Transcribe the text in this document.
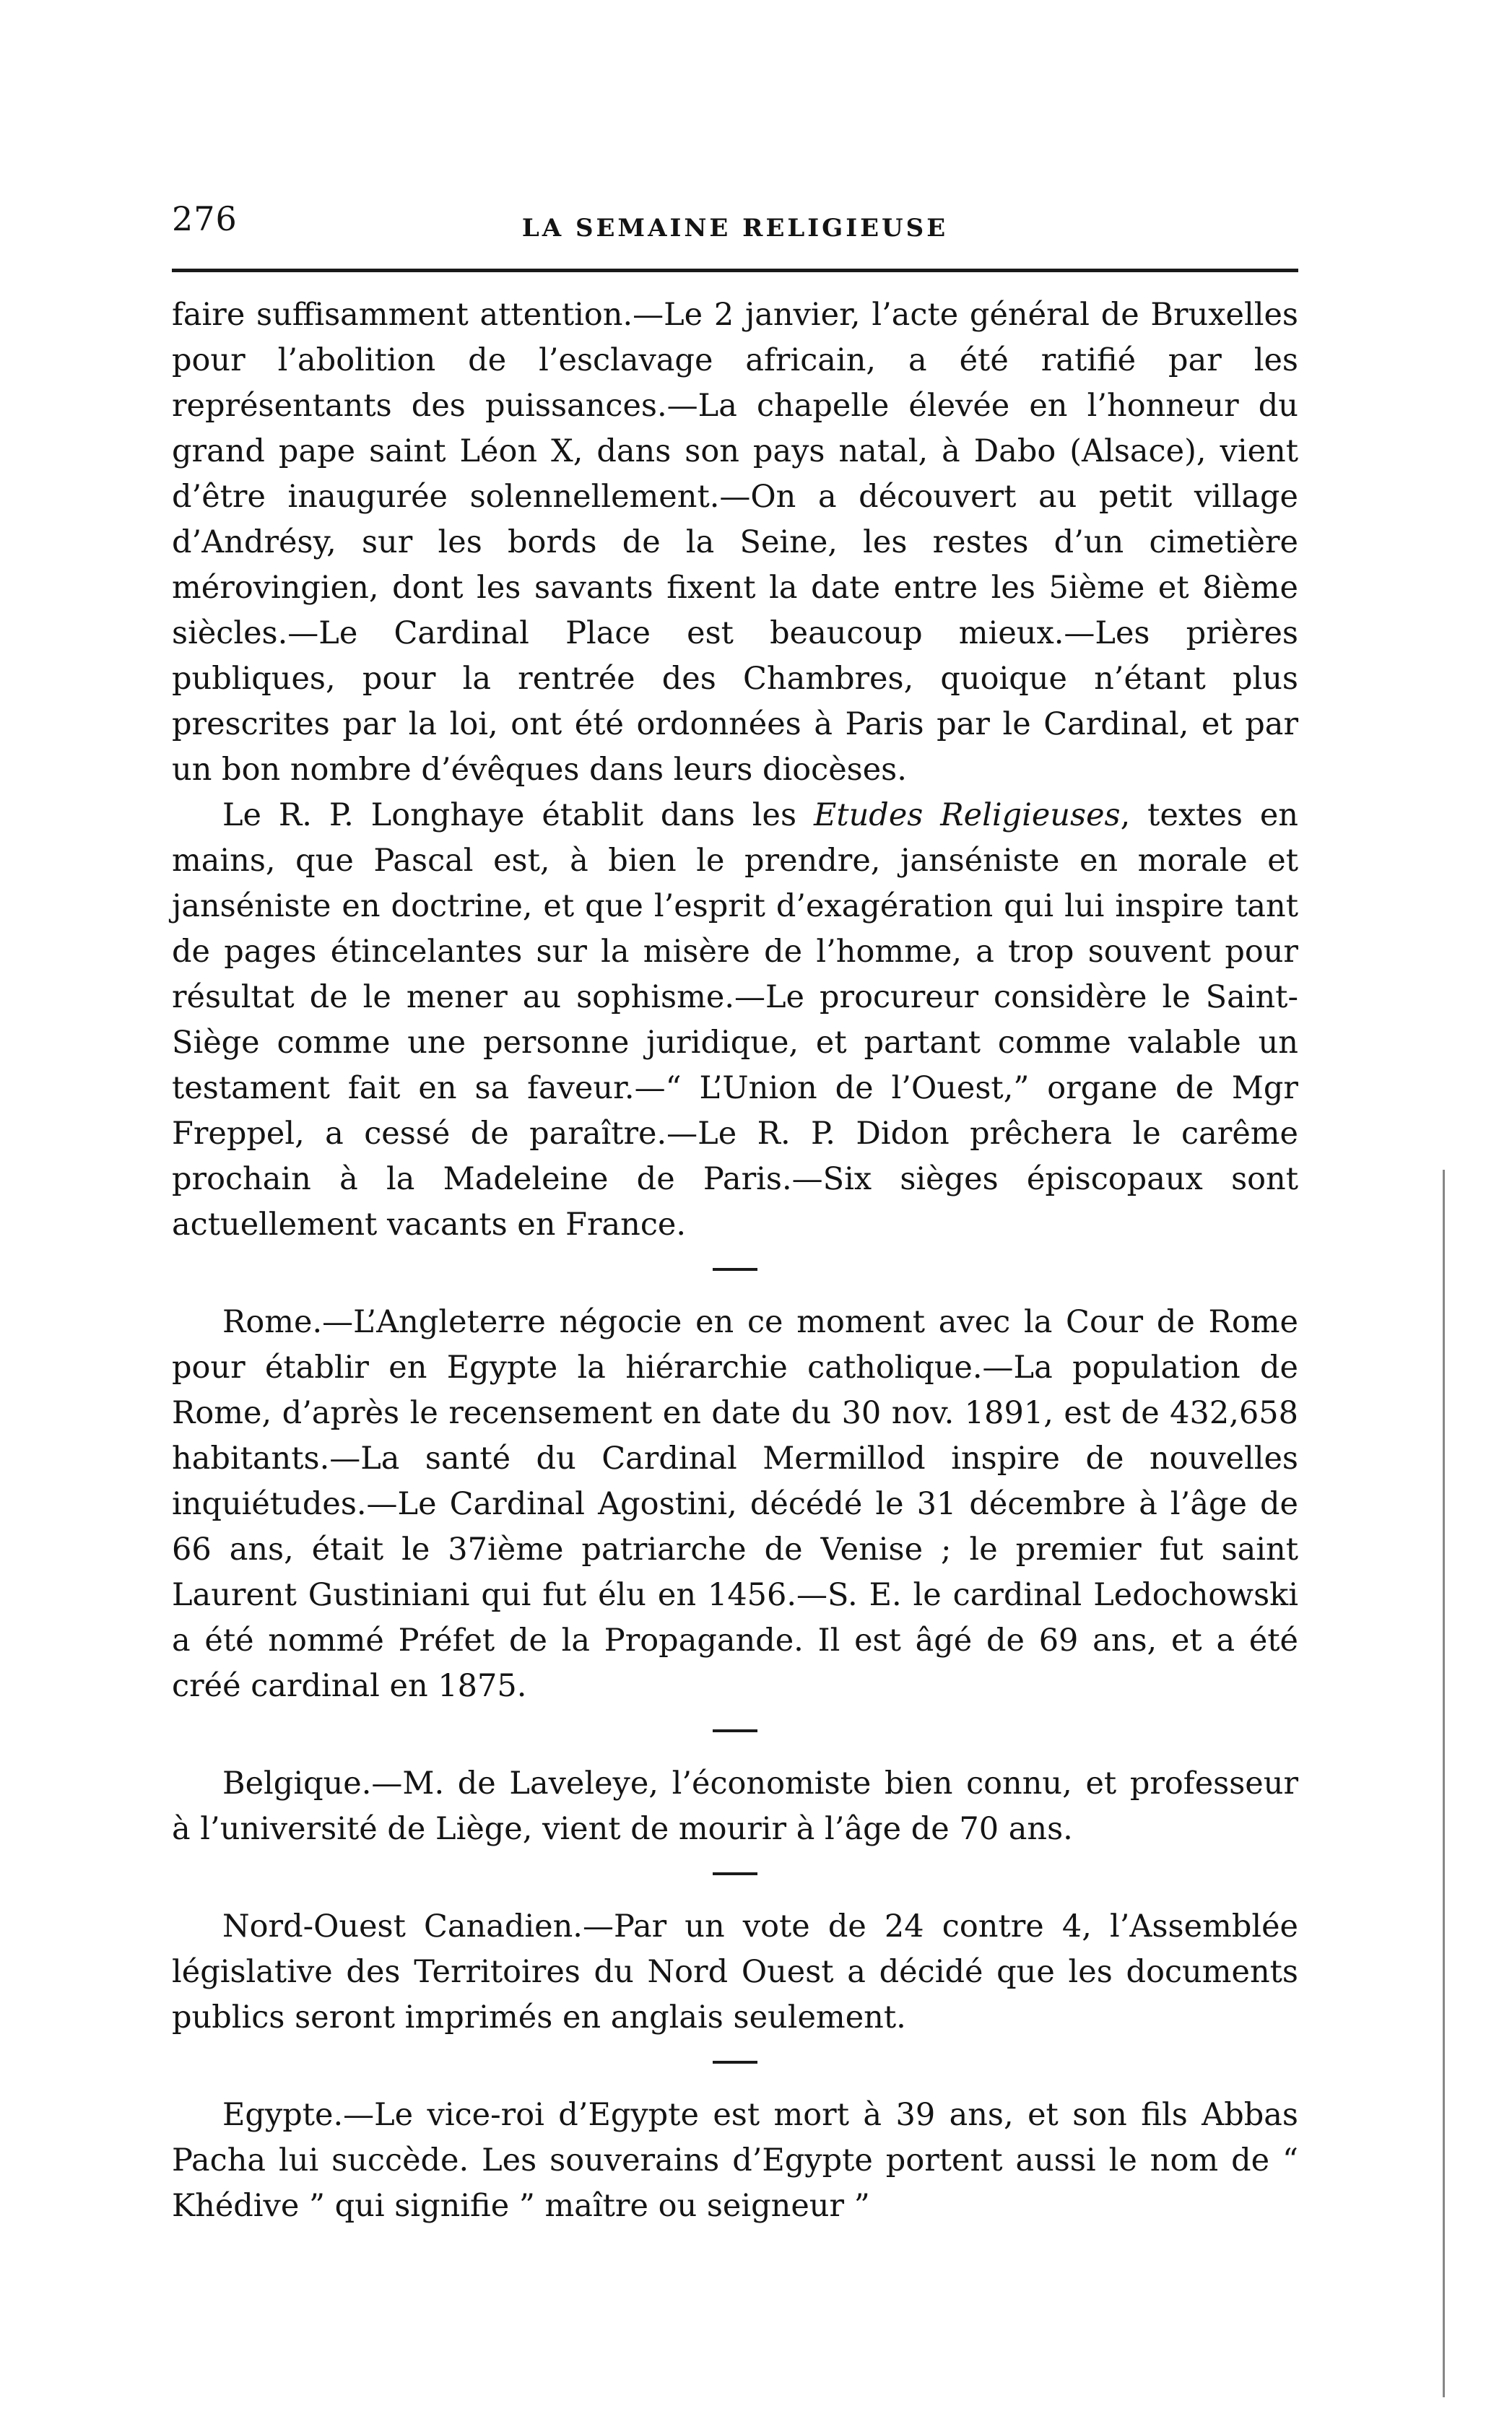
276	LA SEMAINE RELIGIEUSE

faire suffisamment attention.—Le 2 janvier, l’acte général de Bruxelles pour l’abolition de l’esclavage africain, a été ratifié par les représentants des puissances.—La chapelle élevée en l’honneur du grand pape saint Léon X, dans son pays natal, à Dabo (Alsace), vient d’être inaugurée solennellement.—On a découvert au petit village d’Andrésy, sur les bords de la Seine, les restes d’un cimetière mérovingien, dont les savants fixent la date entre les 5ième et 8ième siècles.—Le Cardinal Place est beaucoup mieux.—Les prières publiques, pour la rentrée des Chambres, quoique n’étant plus prescrites par la loi, ont été ordonnées à Paris par le Cardinal, et par un bon nombre d’évêques dans leurs diocèses.

Le R. P. Longhaye établit dans les Etudes Religieuses, textes en mains, que Pascal est, à bien le prendre, janséniste en morale et janséniste en doctrine, et que l’esprit d’exagération qui lui inspire tant de pages étincelantes sur la misère de l’homme, a trop souvent pour résultat de le mener au sophisme.—Le procureur considère le Saint-Siège comme une personne juridique, et partant comme valable un testament fait en sa faveur.—“ L’Union de l’Ouest,” organe de Mgr Freppel, a cessé de paraître.—Le R. P. Didon prêchera le carême prochain à la Madeleine de Paris.—Six sièges épiscopaux sont actuellement vacants en France.

Rome.—L’Angleterre négocie en ce moment avec la Cour de Rome pour établir en Egypte la hiérarchie catholique.—La population de Rome, d’après le recensement en date du 30 nov. 1891, est de 432,658 habitants.—La santé du Cardinal Mermillod inspire de nouvelles inquiétudes.—Le Cardinal Agostini, décédé le 31 décembre à l’âge de 66 ans, était le 37ième patriarche de Venise ; le premier fut saint Laurent Gustiniani qui fut élu en 1456.—S. E. le cardinal Ledochowski a été nommé Préfet de la Propagande. Il est âgé de 69 ans, et a été créé cardinal en 1875.

Belgique.—M. de Laveleye, l’économiste bien connu, et professeur à l’université de Liège, vient de mourir à l’âge de 70 ans.

Nord-Ouest Canadien.—Par un vote de 24 contre 4, l’Assemblée législative des Territoires du Nord Ouest a décidé que les documents publics seront imprimés en anglais seulement.

Egypte.—Le vice-roi d’Egypte est mort à 39 ans, et son fils Abbas Pacha lui succède. Les souverains d’Egypte portent aussi le nom de “ Khédive ” qui signifie ” maître ou seigneur ”
